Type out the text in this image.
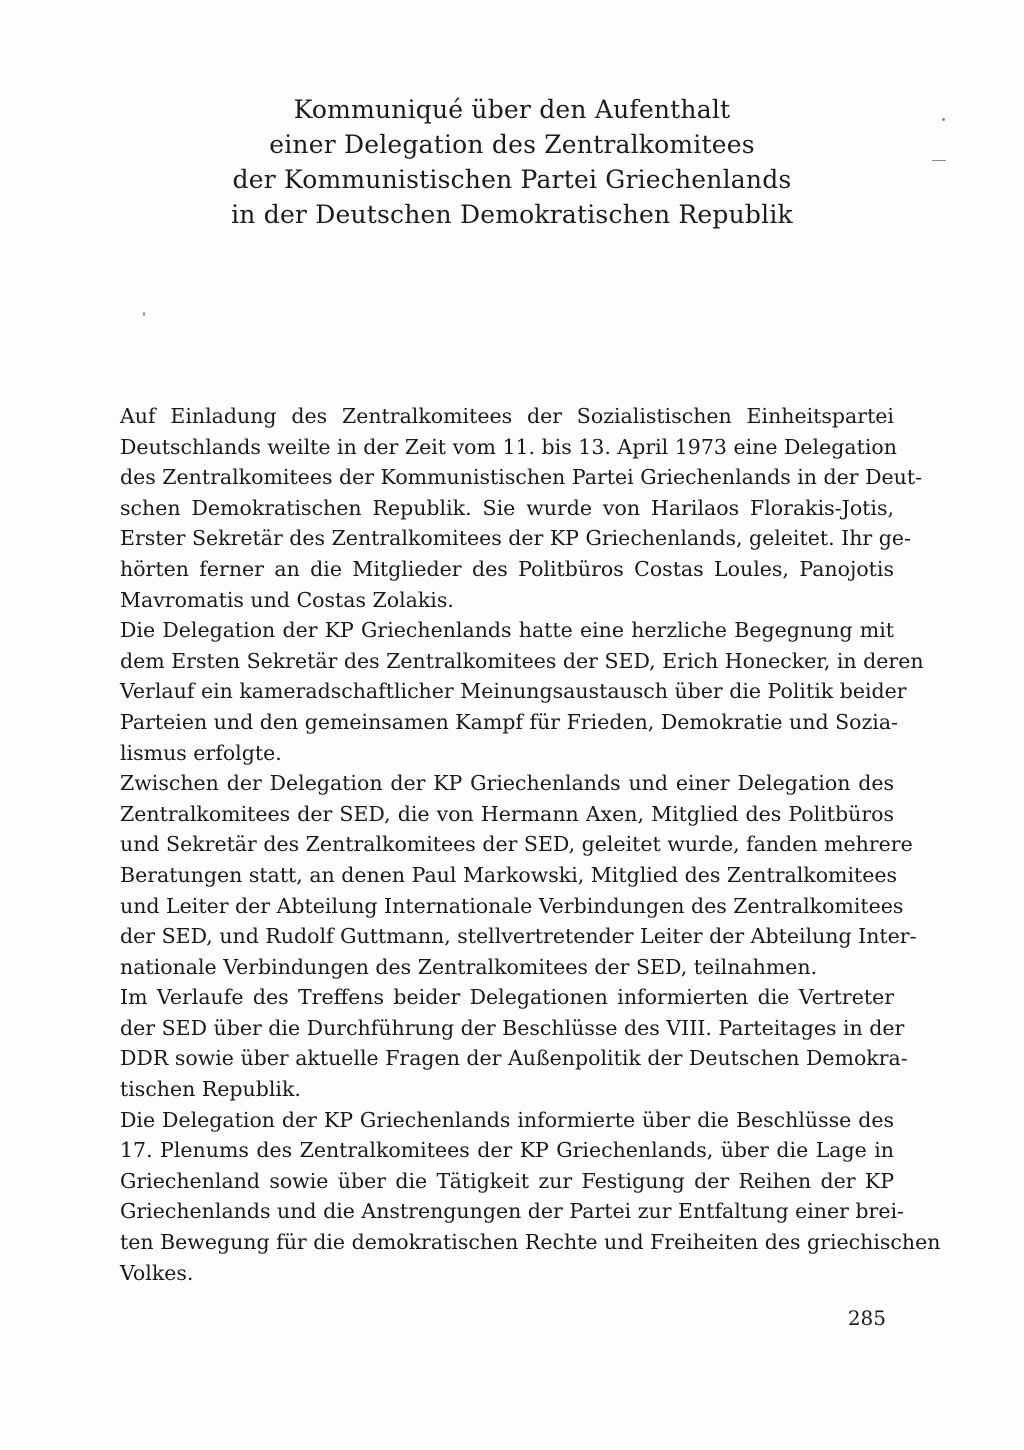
Kommuniqué über den Aufenthalt
einer Delegation des Zentralkomitees
der Kommunistischen Partei Griechenlands
in der Deutschen Demokratischen Republik

Auf Einladung des Zentralkomitees der Sozialistischen Einheitspartei
Deutschlands weilte in der Zeit vom 11. bis 13. April 1973 eine Delegation
des Zentralkomitees der Kommunistischen Partei Griechenlands in der Deut-
schen Demokratischen Republik. Sie wurde von Harilaos Florakis-Jotis,
Erster Sekretär des Zentralkomitees der KP Griechenlands, geleitet. Ihr ge-
hörten ferner an die Mitglieder des Politbüros Costas Loules, Panojotis
Mavromatis und Costas Zolakis.

Die Delegation der KP Griechenlands hatte eine herzliche Begegnung mit
dem Ersten Sekretär des Zentralkomitees der SED, Erich Honecker, in deren
Verlauf ein kameradschaftlicher Meinungsaustausch über die Politik beider
Parteien und den gemeinsamen Kampf für Frieden, Demokratie und Sozia-
lismus erfolgte.

Zwischen der Delegation der KP Griechenlands und einer Delegation des
Zentralkomitees der SED, die von Hermann Axen, Mitglied des Politbüros
und Sekretär des Zentralkomitees der SED, geleitet wurde, fanden mehrere
Beratungen statt, an denen Paul Markowski, Mitglied des Zentralkomitees
und Leiter der Abteilung Internationale Verbindungen des Zentralkomitees
der SED, und Rudolf Guttmann, stellvertretender Leiter der Abteilung Inter-
nationale Verbindungen des Zentralkomitees der SED, teilnahmen.

Im Verlaufe des Treffens beider Delegationen informierten die Vertreter
der SED über die Durchführung der Beschlüsse des VIII. Parteitages in der
DDR sowie über aktuelle Fragen der Außenpolitik der Deutschen Demokra-
tischen Republik.

Die Delegation der KP Griechenlands informierte über die Beschlüsse des
17. Plenums des Zentralkomitees der KP Griechenlands, über die Lage in
Griechenland sowie über die Tätigkeit zur Festigung der Reihen der KP
Griechenlands und die Anstrengungen der Partei zur Entfaltung einer brei-
ten Bewegung für die demokratischen Rechte und Freiheiten des griechischen
Volkes.

285
